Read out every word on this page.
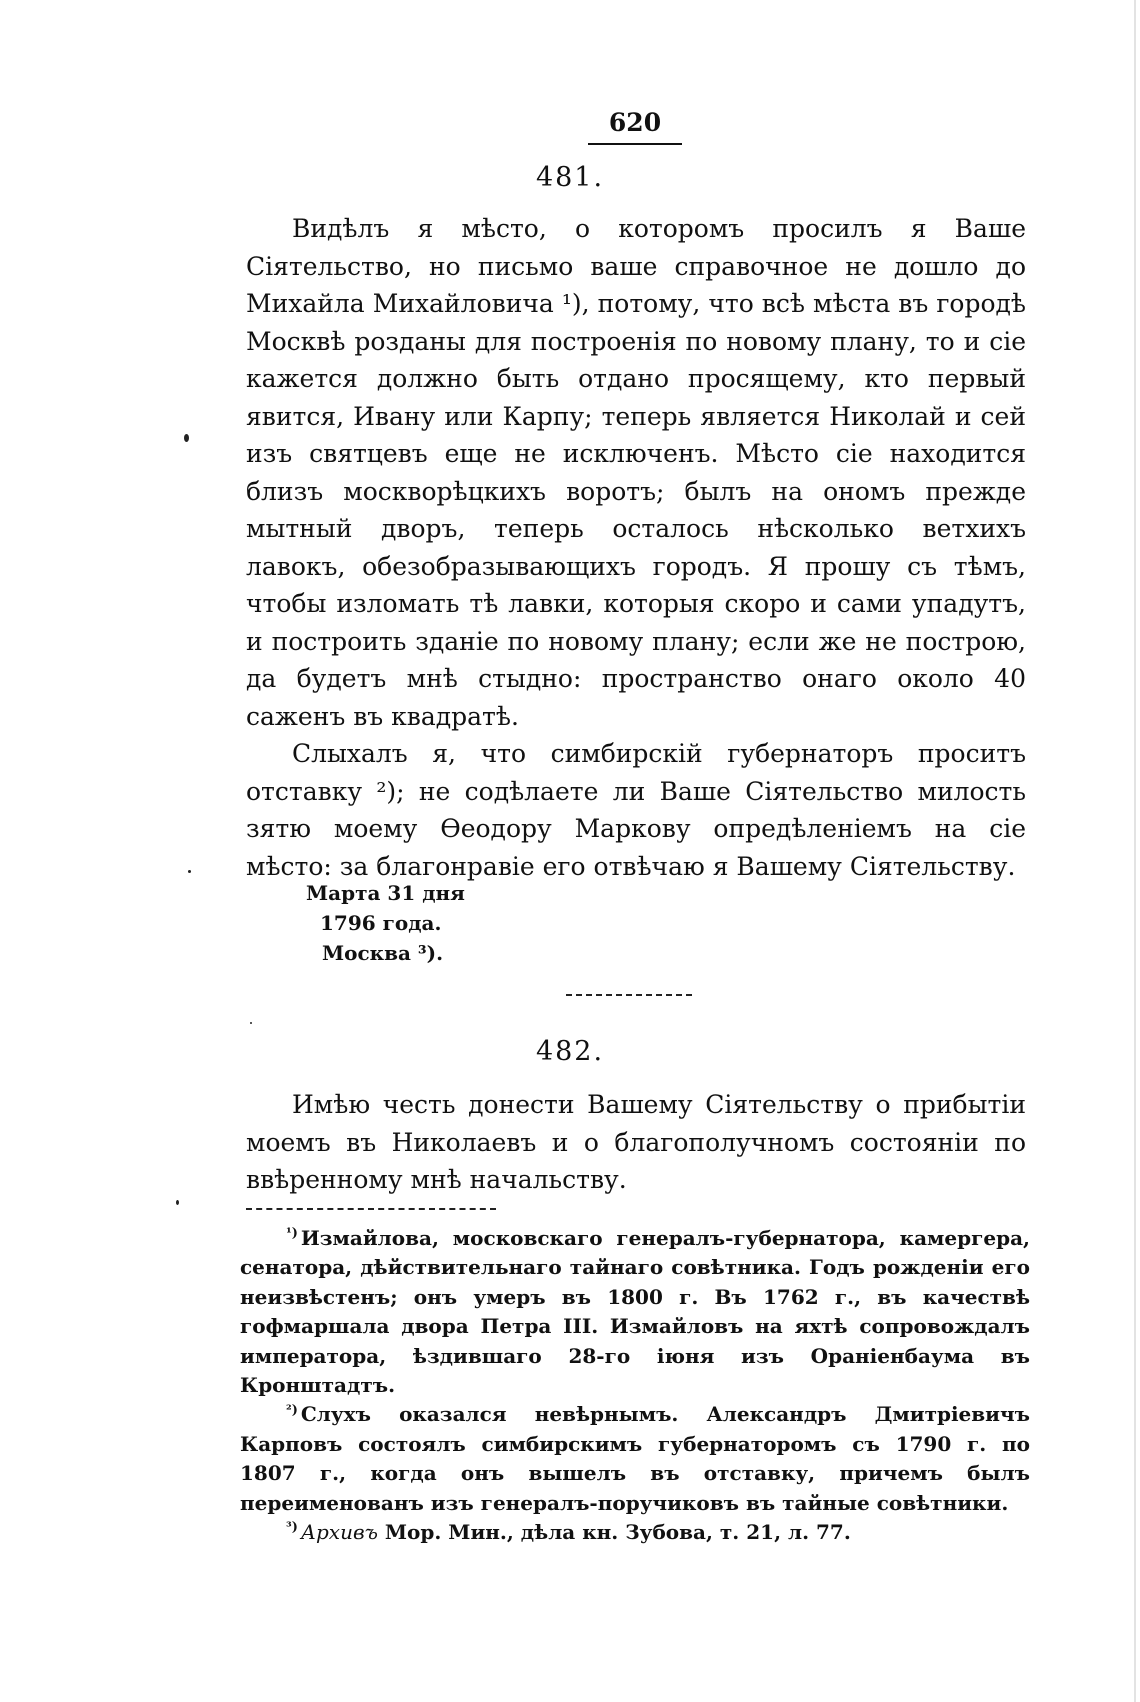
620
481.

Видѣлъ я мѣсто, о которомъ просилъ я Ваше Сіятельство, но письмо ваше справочное не дошло до Михайла Михайловича ¹), потому, что всѣ мѣста въ городѣ Москвѣ розданы для построенія по новому плану, то и сіе кажется должно быть отдано просящему, кто первый явится, Ивану или Карпу; теперь является Николай и сей изъ святцевъ еще не исключенъ. Мѣсто сіе находится близъ москворѣцкихъ воротъ; былъ на ономъ прежде мытный дворъ, теперь осталось нѣсколько ветхихъ лавокъ, обезобразывающихъ городъ. Я прошу съ тѣмъ, чтобы изломать тѣ лавки, которыя скоро и сами упадутъ, и построить зданіе по новому плану; если же не построю, да будетъ мнѣ стыдно: пространство онаго около 40 саженъ въ квадратѣ.

Слыхалъ я, что симбирскій губернаторъ проситъ отставку ²); не содѣлаете ли Ваше Сіятельство милость зятю моему Ѳеодору Маркову опредѣленіемъ на сіе мѣсто: за благонравіе его отвѣчаю я Вашему Сіятельству.

Марта 31 дня
1796 года.
Москва ³).
482.

Имѣю честь донести Вашему Сіятельству о прибытіи моемъ въ Николаевъ и о благополучномъ состояніи по ввѣренному мнѣ начальству.

$^{^1)}$ Измайлова, московскаго генералъ-губернатора, камергера, сенатора, дѣйствительнаго тайнаго совѣтника. Годъ рожденіи его неизвѣстенъ; онъ умеръ въ 1800 г. Въ 1762 г., въ качествѣ гофмаршала двора Петра III. Измайловъ на яхтѣ сопровождалъ императора, ѣздившаго 28-го іюня изъ Ораніенбаума въ Кронштадтъ.

$^{^2)}$ Слухъ оказался невѣрнымъ. Александръ Дмитріевичъ Карповъ состоялъ симбирскимъ губернаторомъ съ 1790 г. по 1807 г., когда онъ вышелъ въ отставку, причемъ былъ переименованъ изъ генералъ-поручиковъ въ тайные совѣтники.

$^{^3)}$ Архивъ Мор. Мин., дѣла кн. Зубова, т. 21, л. 77.
